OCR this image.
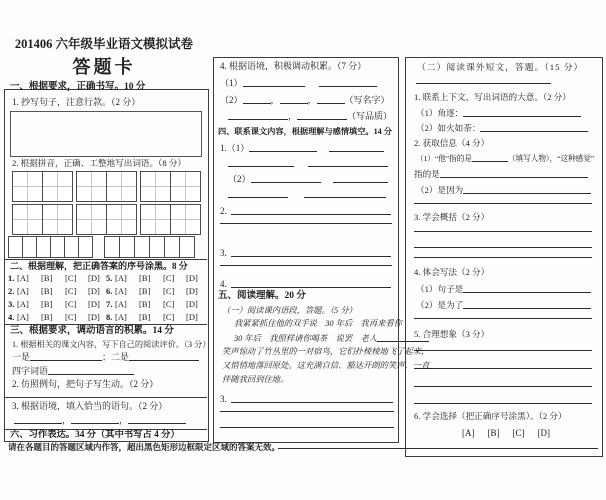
201406 六年级毕业语文模拟试卷
答题卡
一、根据要求，正确书写。10 分
1. 抄写句子，注意行款。（2 分）
2. 根据拼音，正确、工整地写出词语。（8 分）
二、根据理解，把正确答案的序号涂黑。8 分
1. [A] [B] [C] [D] 5. [A] [B] [C] [D]
2. [A] [B] [C] [D] 6. [A] [B] [C] [D]
3. [A] [B] [C] [D] 7. [A] [B] [C] [D]
4. [A] [B] [C] [D] 8. [A] [B] [C] [D]
三、根据要求，调动语言的积累。14 分
1. 根据相关的课文内容，写下自己的阅读评价。（3 分）
一是	；二是
四字词语
2. 仿照例句，把句子写生动。（2 分）
3. 根据语境，填入恰当的语句。（2 分）
，	，
六、习作表达。34 分（其中书写占 4 分）
请在各题目的答题区域内作答，超出黑色矩形边框限定区域的答案无效。
4. 根据语境，积极调动积累。（7 分）
（1）
（2）	，	，	（写名字）
，	（写品质）
四、联系课文内容，根据理解与感情填空。14 分
1.（1）
（2）
2.
3.
4.
五、阅读理解。20 分
（一）阅读课内语段，答题。（5 分）
3.
（二）阅读课外短文，答题。（15 分）
1. 联系上下文，写出词语的大意。（2 分）
（1）角逐：
（2）如火如荼：
2. 获取信息（4 分）
（1）“他”指的是	（填写人物），“这种感觉”
指的是
（2）是因为
3. 学会概括（2 分）
4. 体会写法（2 分）
（1）句子是
（2）是为了
5. 合理想象（3 分）
6. 学会选择（把正确序号涂黑）。（2 分）
[A] [B] [C] [D]
我紧紧抓住他的双手说　30 年后　我再来看你
30 年后　我照样请你喝茶　说罢　老人
笑声惊动了竹丛里的一对宿鸟，它们扑棱棱地飞了起来，
又悄悄地落回原处。这充满自信、豁达开朗的笑声，一直
伴随我回到住地。
